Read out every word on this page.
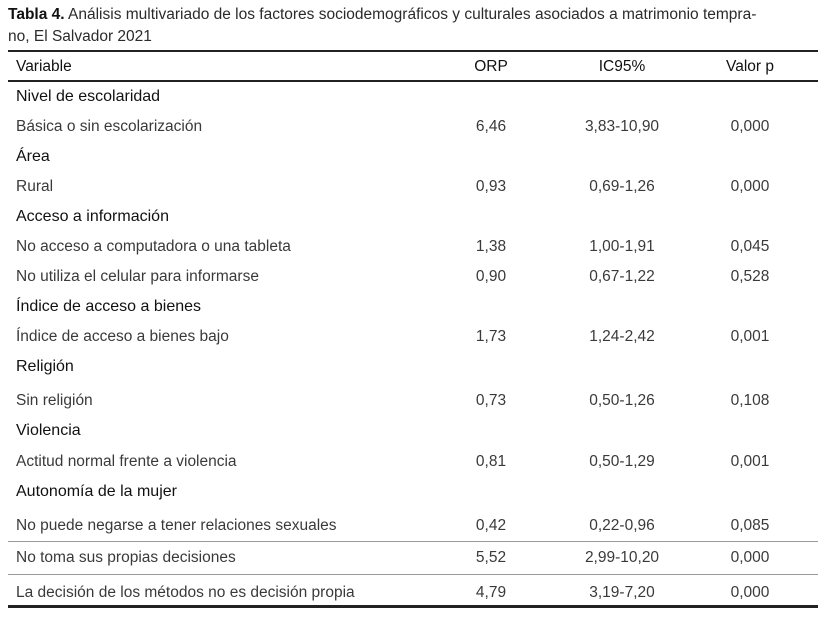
Tabla 4. Análisis multivariado de los factores sociodemográficos y culturales asociados a matrimonio tempra-
no, El Salvador 2021
Variable	ORP	IC95%	Valor p
Nivel de escolaridad
Básica o sin escolarización	6,46	3,83-10,90	0,000
Área
Rural	0,93	0,69-1,26	0,000
Acceso a información
No acceso a computadora o una tableta	1,38	1,00-1,91	0,045
No utiliza el celular para informarse	0,90	0,67-1,22	0,528
Índice de acceso a bienes
Índice de acceso a bienes bajo	1,73	1,24-2,42	0,001
Religión
Sin religión	0,73	0,50-1,26	0,108
Violencia
Actitud normal frente a violencia	0,81	0,50-1,29	0,001
Autonomía de la mujer
No puede negarse a tener relaciones sexuales	0,42	0,22-0,96	0,085
No toma sus propias decisiones	5,52	2,99-10,20	0,000
La decisión de los métodos no es decisión propia	4,79	3,19-7,20	0,000
